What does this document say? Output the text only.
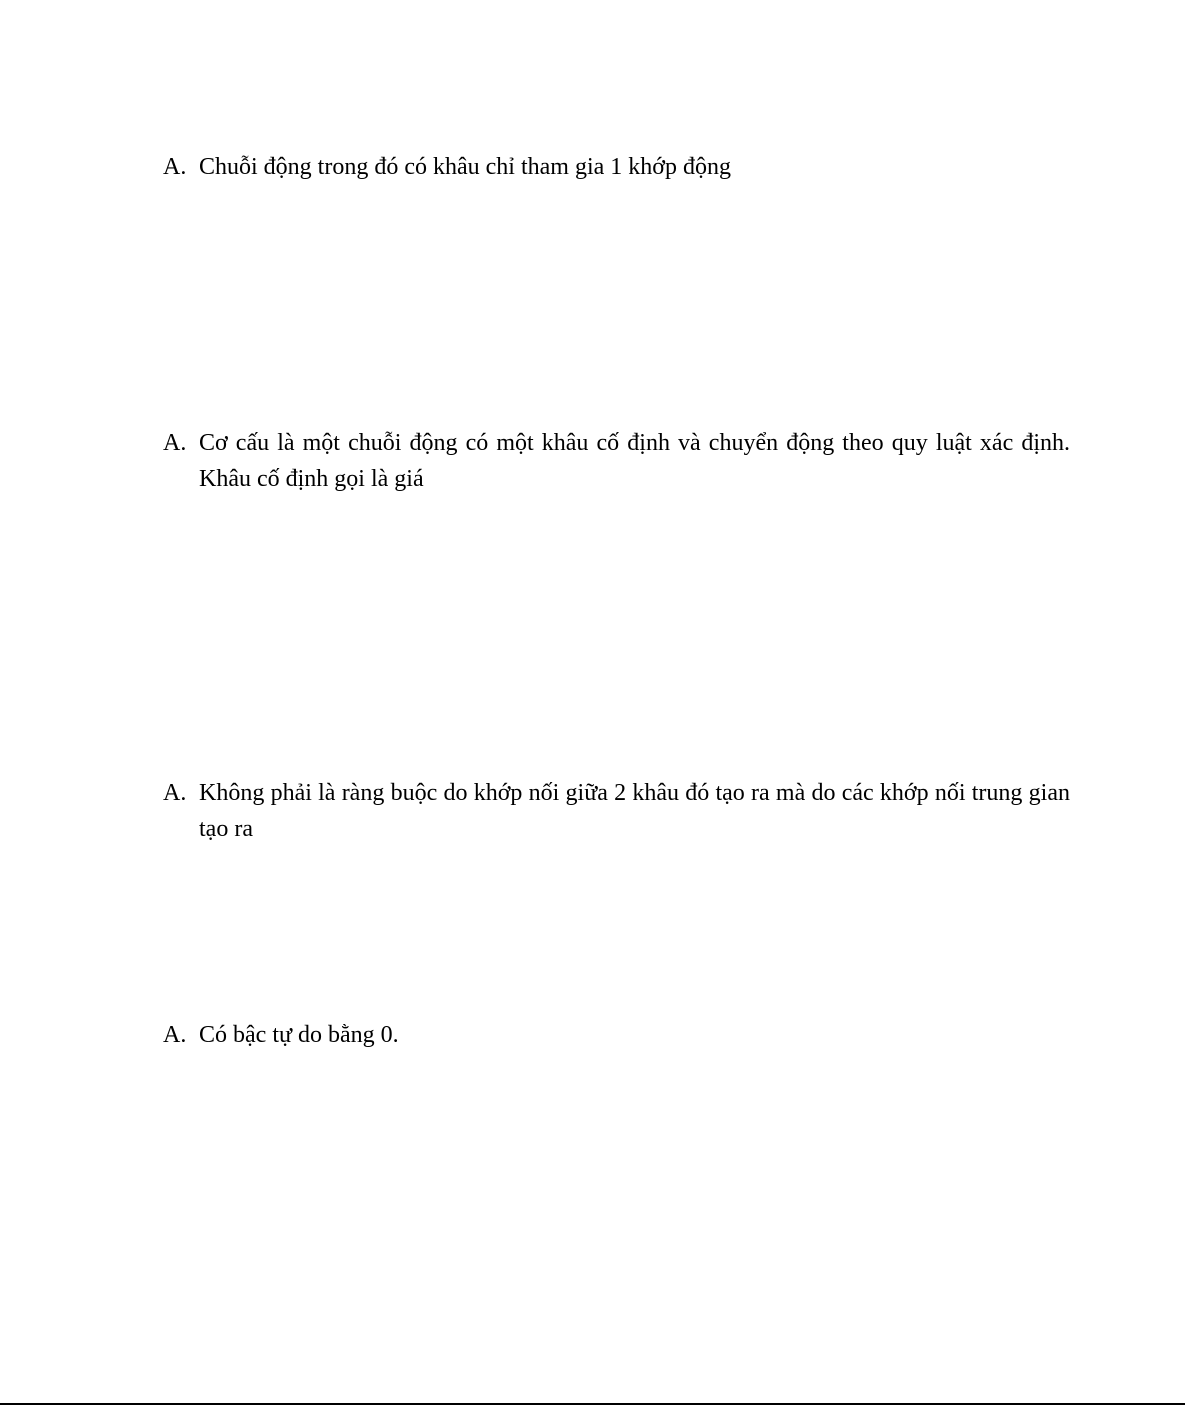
A. Chuỗi động trong đó có khâu chỉ tham gia 1 khớp động
A. Cơ cấu là một chuỗi động có một khâu cố định và chuyển động theo quy luật xác định. Khâu cố định gọi là giá
A. Không phải là ràng buộc do khớp nối giữa 2 khâu đó tạo ra mà do các khớp nối trung gian tạo ra
A. Có bậc tự do bằng 0.
